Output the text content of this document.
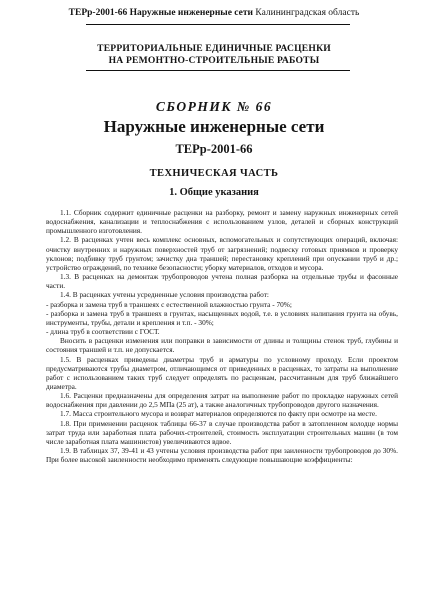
ТЕРр-2001-66 Наружные инженерные сети Калининградская область
ТЕРРИТОРИАЛЬНЫЕ ЕДИНИЧНЫЕ РАСЦЕНКИ
НА РЕМОНТНО-СТРОИТЕЛЬНЫЕ РАБОТЫ
СБОРНИК № 66
Наружные инженерные сети
ТЕРр-2001-66
ТЕХНИЧЕСКАЯ ЧАСТЬ
1. Общие указания

1.1. Сборник содержит единичные расценки на разборку, ремонт и замену наружных инженерных сетей водоснабжения, канализации и теплоснабжения с использованием узлов, деталей и сборных конструкций промышленного изготовления.

1.2. В расценках учтен весь комплекс основных, вспомогательных и сопутствующих операций, включая: очистку внутренних и наружных поверхностей труб от загрязнений; подвеску готовых приямков и проверку уклонов; подбивку труб грунтом; зачистку дна траншей; перестановку креплений при опускании труб и др.; устройство ограждений, по технике безопасности; уборку материалов, отходов и мусора.

1.3. В расценках на демонтаж трубопроводов учтена полная разборка на отдельные трубы и фасонные части.

1.4. В расценках учтены усредненные условия производства работ:

- разборка и замена труб в траншеях с естественной влажностью грунта - 70%;

- разборка и замена труб в траншеях в грунтах, насыщенных водой, т.е. в условиях налипания грунта на обувь, инструменты, трубы, детали и крепления и т.п. - 30%;

- длина труб в соответствии с ГОСТ.

Вносить в расценки изменения или поправки в зависимости от длины и толщины стенок труб, глубины и состояния траншей и т.п. не допускается.

1.5. В расценках приведены диаметры труб и арматуры по условному проходу. Если проектом предусматриваются трубы диаметром, отличающимся от приведенных в расценках, то затраты на выполнение работ с использованием таких труб следует определять по расценкам, рассчитанным для труб ближайшего диаметра.

1.6. Расценки предназначены для определения затрат на выполнение работ по прокладке наружных сетей водоснабжения при давлении до 2,5 МПа (25 ат), а также аналогичных трубопроводов другого назначения.

1.7. Масса строительного мусора и возврат материалов определяются по факту при осмотре на месте.

1.8. При применении расценок таблицы 66-37 в случае производства работ в затопленном колодце нормы затрат труда или заработная плата рабочих-строителей, стоимость эксплуатации строительных машин (в том числе заработная плата машинистов) увеличиваются вдвое.

1.9. В таблицах 37, 39-41 и 43 учтены условия производства работ при заиленности трубопроводов до 30%. При более высокой заиленности необходимо применять следующие повышающие коэффициенты:
